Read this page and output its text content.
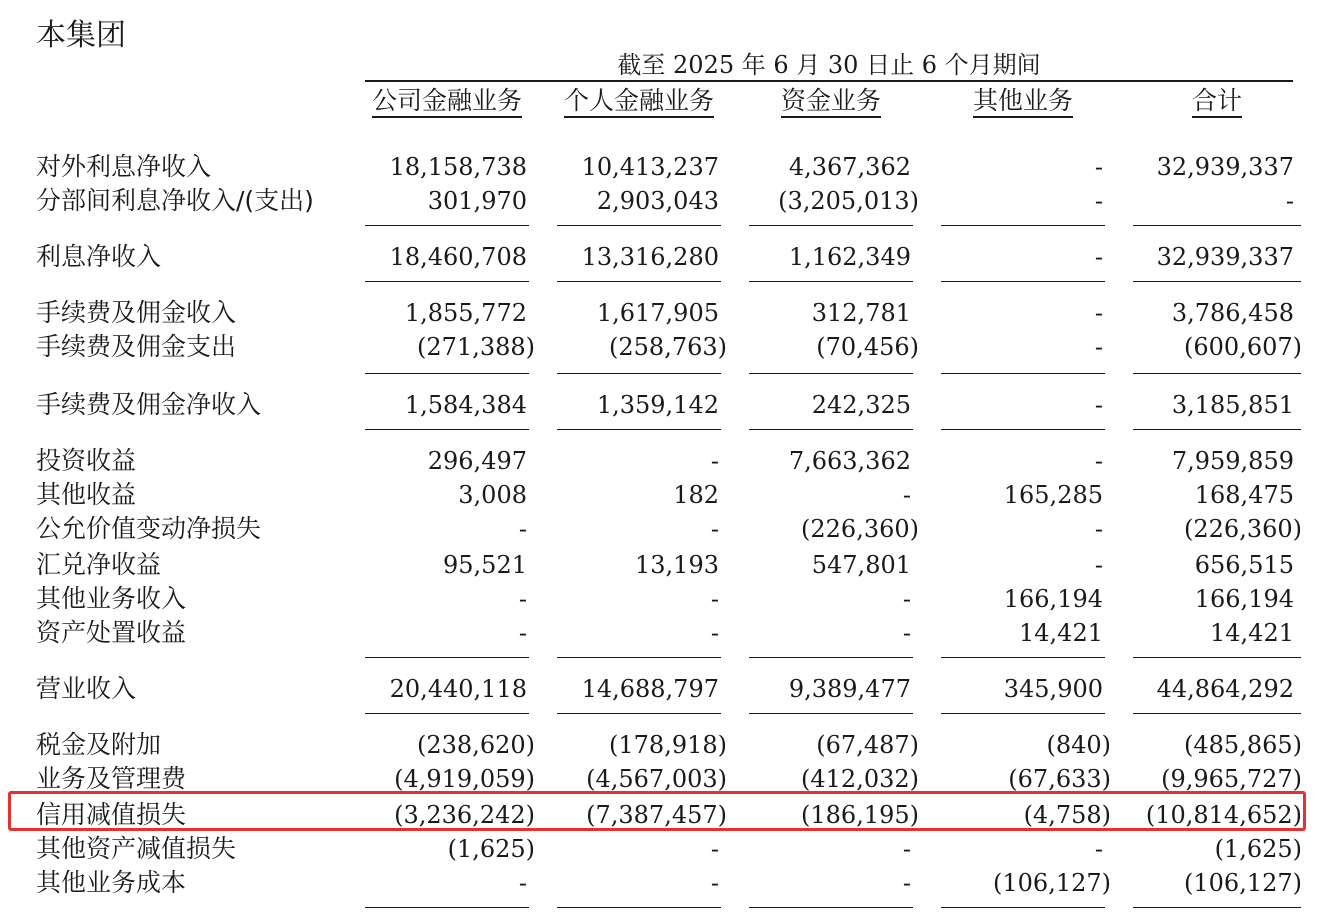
本集团
截至 2025 年 6 月 30 日止 6 个月期间
公司金融业务 个人金融业务	资金业务	其他业务	合计
对外利息净收入	18,158,738 10,413,237	4,367,362	- 32,939,337
分部间利息净收入/(支出)	301,970	2,903,043 (3,205,013)	-	-
利息净收入	18,460,708 13,316,280	1,162,349	- 32,939,337
手续费及佣金收入	1,855,772	1,617,905	312,781	-	3,786,458
手续费及佣金支出	(271,388)	(258,763)	(70,456)	-	(600,607)
手续费及佣金净收入	1,584,384	1,359,142	242,325	-	3,185,851
投资收益	296,497	-	7,663,362	-	7,959,859
其他收益	3,008	182	-	165,285	168,475
公允价值变动净损失	-	-	(226,360)	-	(226,360)
汇兑净收益	95,521	13,193	547,801	-	656,515
其他业务收入	-	-	-	166,194	166,194
资产处置收益	-	-	-	14,421	14,421
营业收入	20,440,118 14,688,797	9,389,477	345,900 44,864,292
税金及附加	(238,620)	(178,918)	(67,487)	(840)	(485,865)
业务及管理费	(4,919,059) (4,567,003)	(412,032)	(67,633) (9,965,727)
信用减值损失	(3,236,242) (7,387,457)	(186,195)	(4,758) (10,814,652)
其他资产减值损失	(1,625)	-	-	-	(1,625)
其他业务成本	-	-	-	(106,127)	(106,127)
